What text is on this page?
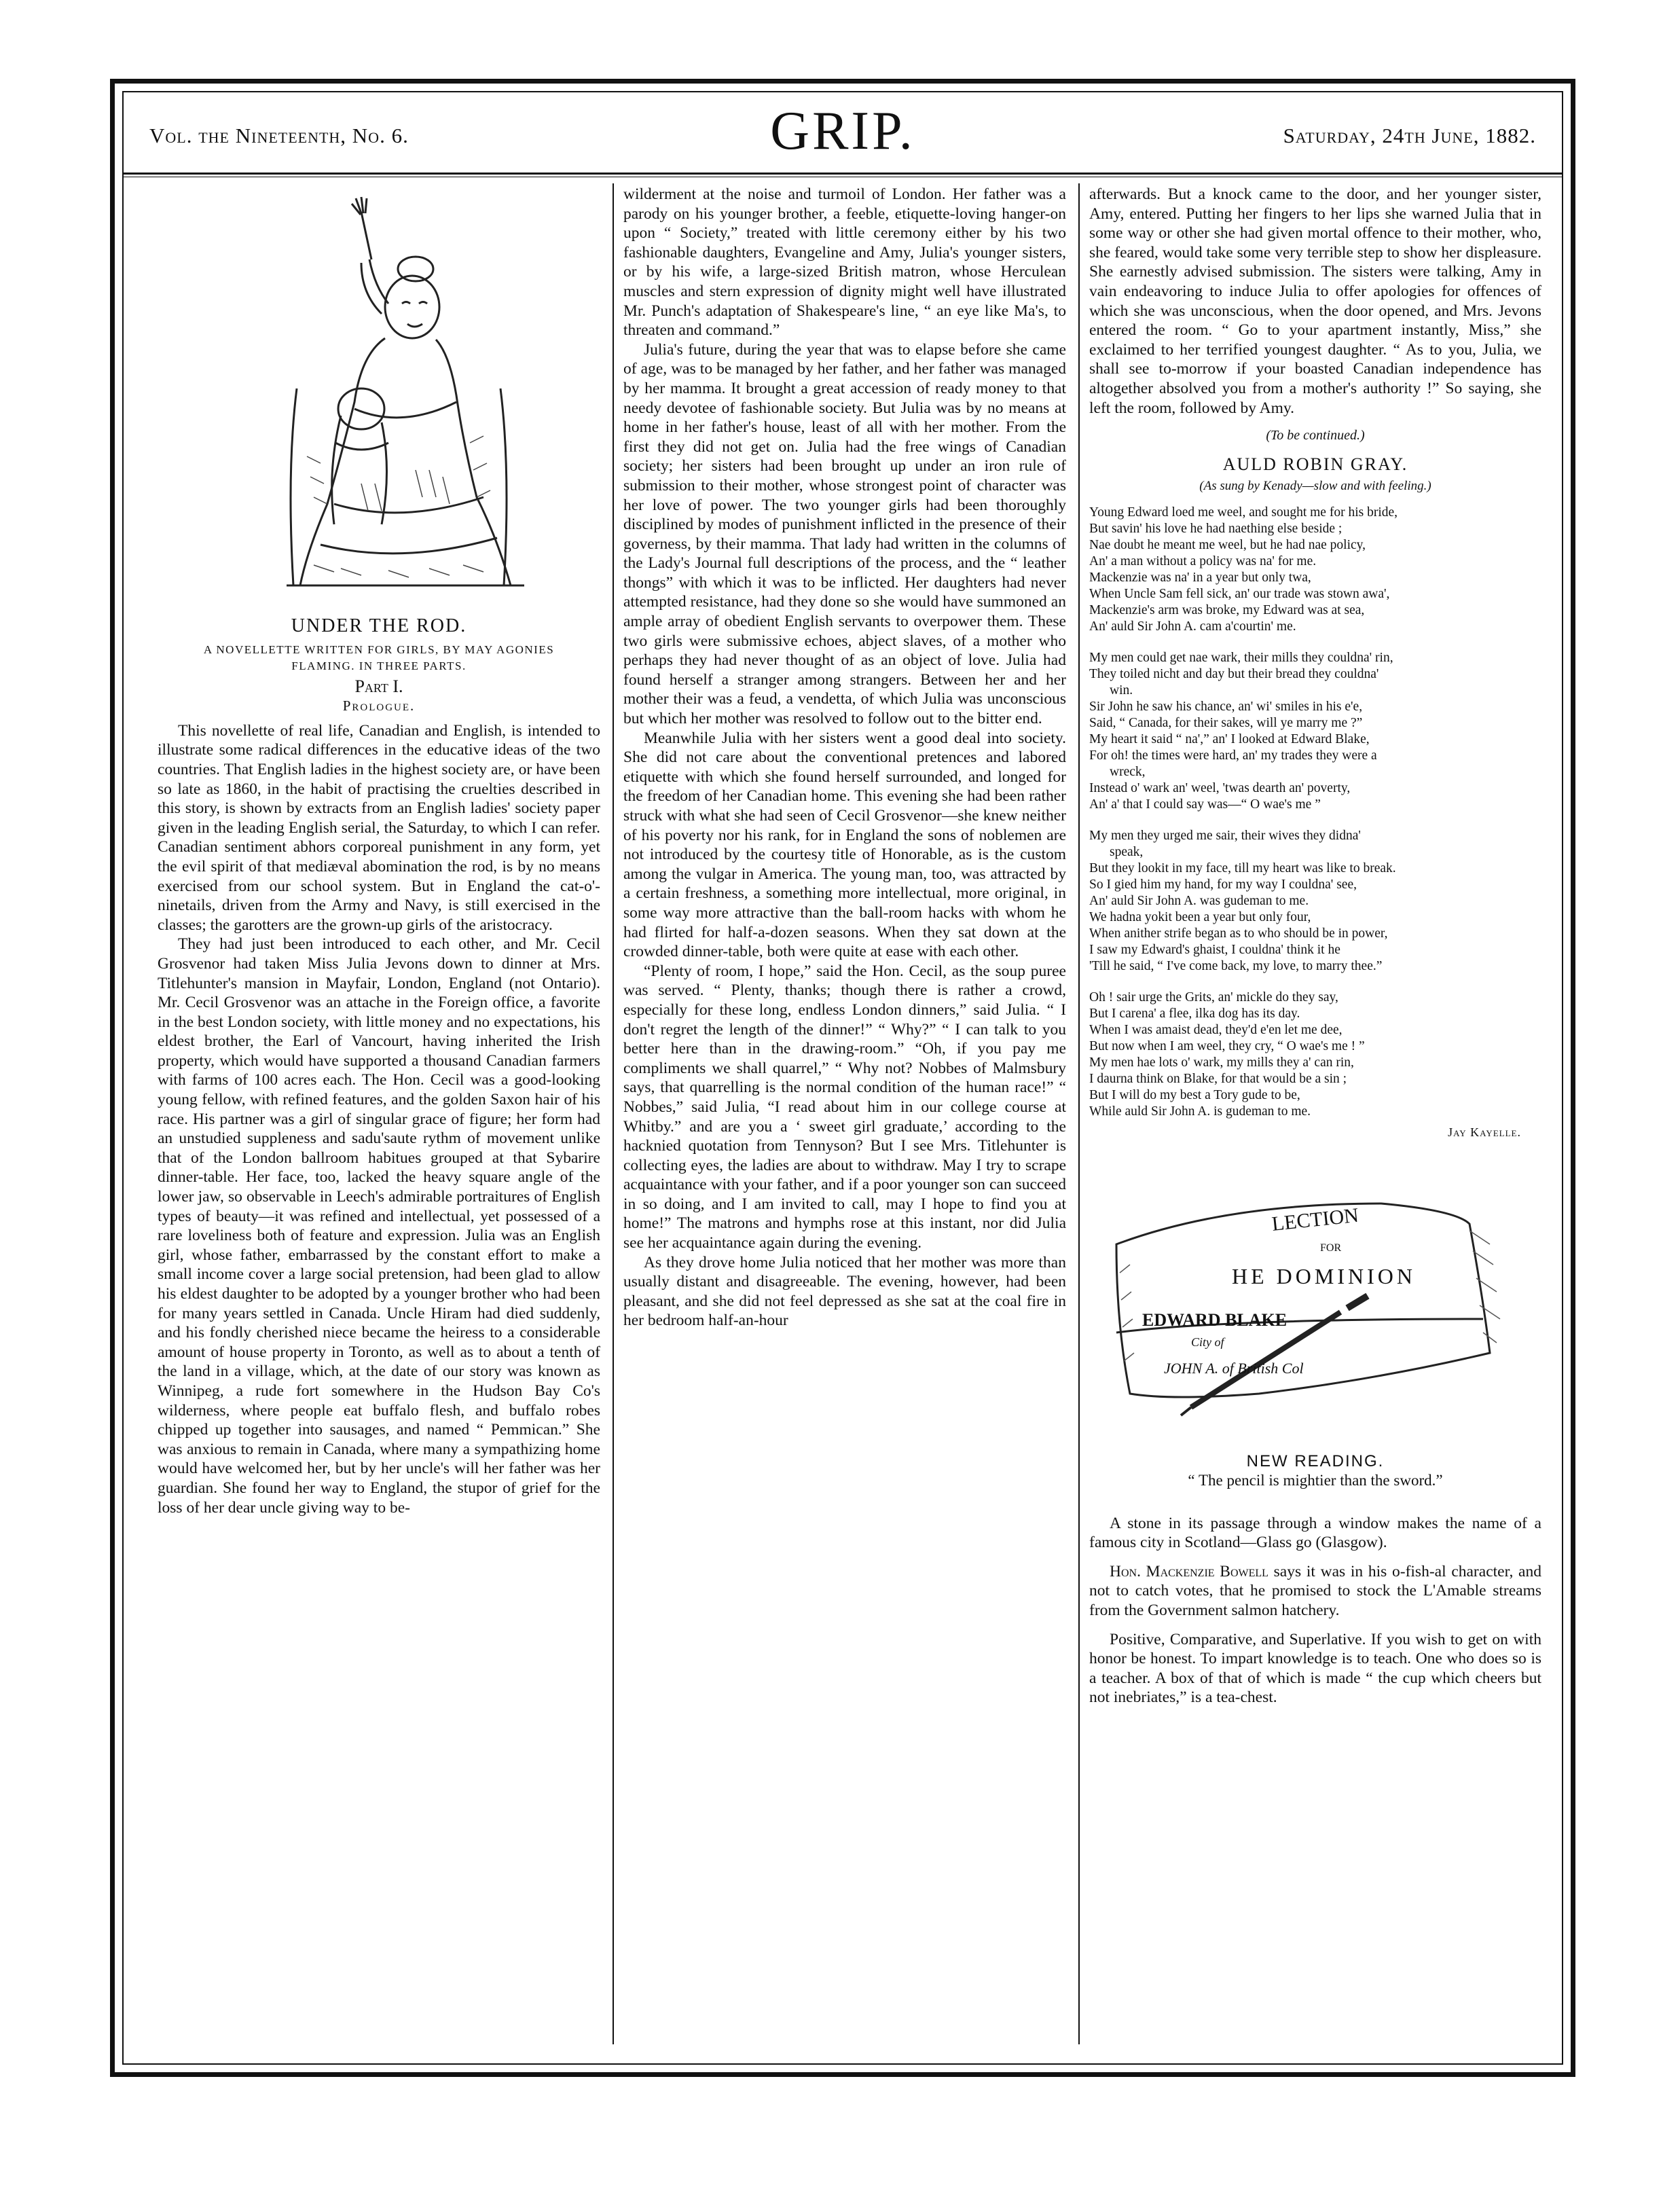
Vol. the Nineteenth, No. 6.	GRIP.	Saturday, 24th June, 1882.
UNDER THE ROD.
A NOVELLETTE WRITTEN FOR GIRLS, BY MAY AGONIES FLAMING. IN THREE PARTS.
Part I.
Prologue.

This novellette of real life, Canadian and English, is intended to illustrate some radical differences in the educative ideas of the two countries. That English ladies in the highest society are, or have been so late as 1860, in the habit of practising the cruelties described in this story, is shown by extracts from an English ladies' society paper given in the leading English serial, the Saturday, to which I can refer. Canadian sentiment abhors corporeal punishment in any form, yet the evil spirit of that mediæval abomination the rod, is by no means exercised from our school system. But in England the cat-o'-ninetails, driven from the Army and Navy, is still exercised in the classes; the garotters are the grown-up girls of the aristocracy.

They had just been introduced to each other, and Mr. Cecil Grosvenor had taken Miss Julia Jevons down to dinner at Mrs. Titlehunter's mansion in Mayfair, London, England (not Ontario). Mr. Cecil Grosvenor was an attache in the Foreign office, a favorite in the best London society, with little money and no expectations, his eldest brother, the Earl of Vancourt, having inherited the Irish property, which would have supported a thousand Canadian farmers with farms of 100 acres each. The Hon. Cecil was a good-looking young fellow, with refined features, and the golden Saxon hair of his race. His partner was a girl of singular grace of figure; her form had an unstudied suppleness and sadu'saute rythm of movement unlike that of the London ballroom habitues grouped at that Sybarire dinner-table. Her face, too, lacked the heavy square angle of the lower jaw, so observable in Leech's admirable portraitures of English types of beauty—it was refined and intellectual, yet possessed of a rare loveliness both of feature and expression. Julia was an English girl, whose father, embarrassed by the constant effort to make a small income cover a large social pretension, had been glad to allow his eldest daughter to be adopted by a younger brother who had been for many years settled in Canada. Uncle Hiram had died suddenly, and his fondly cherished niece became the heiress to a considerable amount of house property in Toronto, as well as to about a tenth of the land in a village, which, at the date of our story was known as Winnipeg, a rude fort somewhere in the Hudson Bay Co's wilderness, where people eat buffalo flesh, and buffalo robes chipped up together into sausages, and named “ Pemmican.” She was anxious to remain in Canada, where many a sympathizing home would have welcomed her, but by her uncle's will her father was her guardian. She found her way to England, the stupor of grief for the loss of her dear uncle giving way to be-

wilderment at the noise and turmoil of London. Her father was a parody on his younger brother, a feeble, etiquette-loving hanger-on upon “ Society,” treated with little ceremony either by his two fashionable daughters, Evangeline and Amy, Julia's younger sisters, or by his wife, a large-sized British matron, whose Herculean muscles and stern expression of dignity might well have illustrated Mr. Punch's adaptation of Shakespeare's line, “ an eye like Ma's, to threaten and command.”

Julia's future, during the year that was to elapse before she came of age, was to be managed by her father, and her father was managed by her mamma. It brought a great accession of ready money to that needy devotee of fashionable society. But Julia was by no means at home in her father's house, least of all with her mother. From the first they did not get on. Julia had the free wings of Canadian society; her sisters had been brought up under an iron rule of submission to their mother, whose strongest point of character was her love of power. The two younger girls had been thoroughly disciplined by modes of punishment inflicted in the presence of their governess, by their mamma. That lady had written in the columns of the Lady's Journal full descriptions of the process, and the “ leather thongs” with which it was to be inflicted. Her daughters had never attempted resistance, had they done so she would have summoned an ample array of obedient English servants to overpower them. These two girls were submissive echoes, abject slaves, of a mother who perhaps they had never thought of as an object of love. Julia had found herself a stranger among strangers. Between her and her mother their was a feud, a vendetta, of which Julia was unconscious but which her mother was resolved to follow out to the bitter end.

Meanwhile Julia with her sisters went a good deal into society. She did not care about the conventional pretences and labored etiquette with which she found herself surrounded, and longed for the freedom of her Canadian home. This evening she had been rather struck with what she had seen of Cecil Grosvenor—she knew neither of his poverty nor his rank, for in England the sons of noblemen are not introduced by the courtesy title of Honorable, as is the custom among the vulgar in America. The young man, too, was attracted by a certain freshness, a something more intellectual, more original, in some way more attractive than the ball-room hacks with whom he had flirted for half-a-dozen seasons. When they sat down at the crowded dinner-table, both were quite at ease with each other.

“Plenty of room, I hope,” said the Hon. Cecil, as the soup puree was served. “ Plenty, thanks; though there is rather a crowd, especially for these long, endless London dinners,” said Julia. “ I don't regret the length of the dinner!” “ Why?” “ I can talk to you better here than in the drawing-room.” “Oh, if you pay me compliments we shall quarrel,” “ Why not? Nobbes of Malmsbury says, that quarrelling is the normal condition of the human race!” “ Nobbes,” said Julia, “I read about him in our college course at Whitby.” and are you a ‘ sweet girl graduate,’ according to the hacknied quotation from Tennyson? But I see Mrs. Titlehunter is collecting eyes, the ladies are about to withdraw. May I try to scrape acquaintance with your father, and if a poor younger son can succeed in so doing, and I am invited to call, may I hope to find you at home!” The matrons and hymphs rose at this instant, nor did Julia see her acquaintance again during the evening.

As they drove home Julia noticed that her mother was more than usually distant and disagreeable. The evening, however, had been pleasant, and she did not feel depressed as she sat at the coal fire in her bedroom half-an-hour

afterwards. But a knock came to the door, and her younger sister, Amy, entered. Putting her fingers to her lips she warned Julia that in some way or other she had given mortal offence to their mother, who, she feared, would take some very terrible step to show her displeasure. She earnestly advised submission. The sisters were talking, Amy in vain endeavoring to induce Julia to offer apologies for offences of which she was unconscious, when the door opened, and Mrs. Jevons entered the room. “ Go to your apartment instantly, Miss,” she exclaimed to her terrified youngest daughter. “ As to you, Julia, we shall see to-morrow if your boasted Canadian independence has altogether absolved you from a mother's authority !” So saying, she left the room, followed by Amy.

(To be continued.)
AULD ROBIN GRAY.
(As sung by Kenady—slow and with feeling.)
Young Edward loed me weel, and sought me for his bride,
But savin' his love he had naething else beside ;
Nae doubt he meant me weel, but he had nae policy,
An' a man without a policy was na' for me.
Mackenzie was na' in a year but only twa,
When Uncle Sam fell sick, an' our trade was stown awa',
Mackenzie's arm was broke, my Edward was at sea,
An' auld Sir John A. cam a'courtin' me.
My men could get nae wark, their mills they couldna' rin,
They toiled nicht and day but their bread they couldna'
win.
Sir John he saw his chance, an' wi' smiles in his e'e,
Said, “ Canada, for their sakes, will ye marry me ?”
My heart it said “ na',” an' I looked at Edward Blake,
For oh! the times were hard, an' my trades they were a
wreck,
Instead o' wark an' weel, 'twas dearth an' poverty,
An' a' that I could say was—“ O wae's me ”
My men they urged me sair, their wives they didna'
speak,
But they lookit in my face, till my heart was like to break.
So I gied him my hand, for my way I couldna' see,
An' auld Sir John A. was gudeman to me.
We hadna yokit been a year but only four,
When anither strife began as to who should be in power,
I saw my Edward's ghaist, I couldna' think it he
'Till he said, “ I've come back, my love, to marry thee.”
Oh ! sair urge the Grits, an' mickle do they say,
But I carena' a flee, ilka dog has its day.
When I was amaist dead, they'd e'en let me dee,
But now when I am weel, they cry, “ O wae's me ! ”
My men hae lots o' wark, my mills they a' can rin,
I daurna think on Blake, for that would be a sin ;
But I will do my best a Tory gude to be,
While auld Sir John A. is gudeman to me.
Jay Kayelle.
LECTION
FOR
HE DOMINION
EDWARD BLAKE
City of
JOHN A. of British Col
NEW READING.
“ The pencil is mightier than the sword.”

A stone in its passage through a window makes the name of a famous city in Scotland—Glass go (Glasgow).

Hon. Mackenzie Bowell says it was in his o-fish-al character, and not to catch votes, that he promised to stock the L'Amable streams from the Government salmon hatchery.

Positive, Comparative, and Superlative. If you wish to get on with honor be honest. To impart knowledge is to teach. One who does so is a teacher. A box of that of which is made “ the cup which cheers but not inebriates,” is a tea-chest.
